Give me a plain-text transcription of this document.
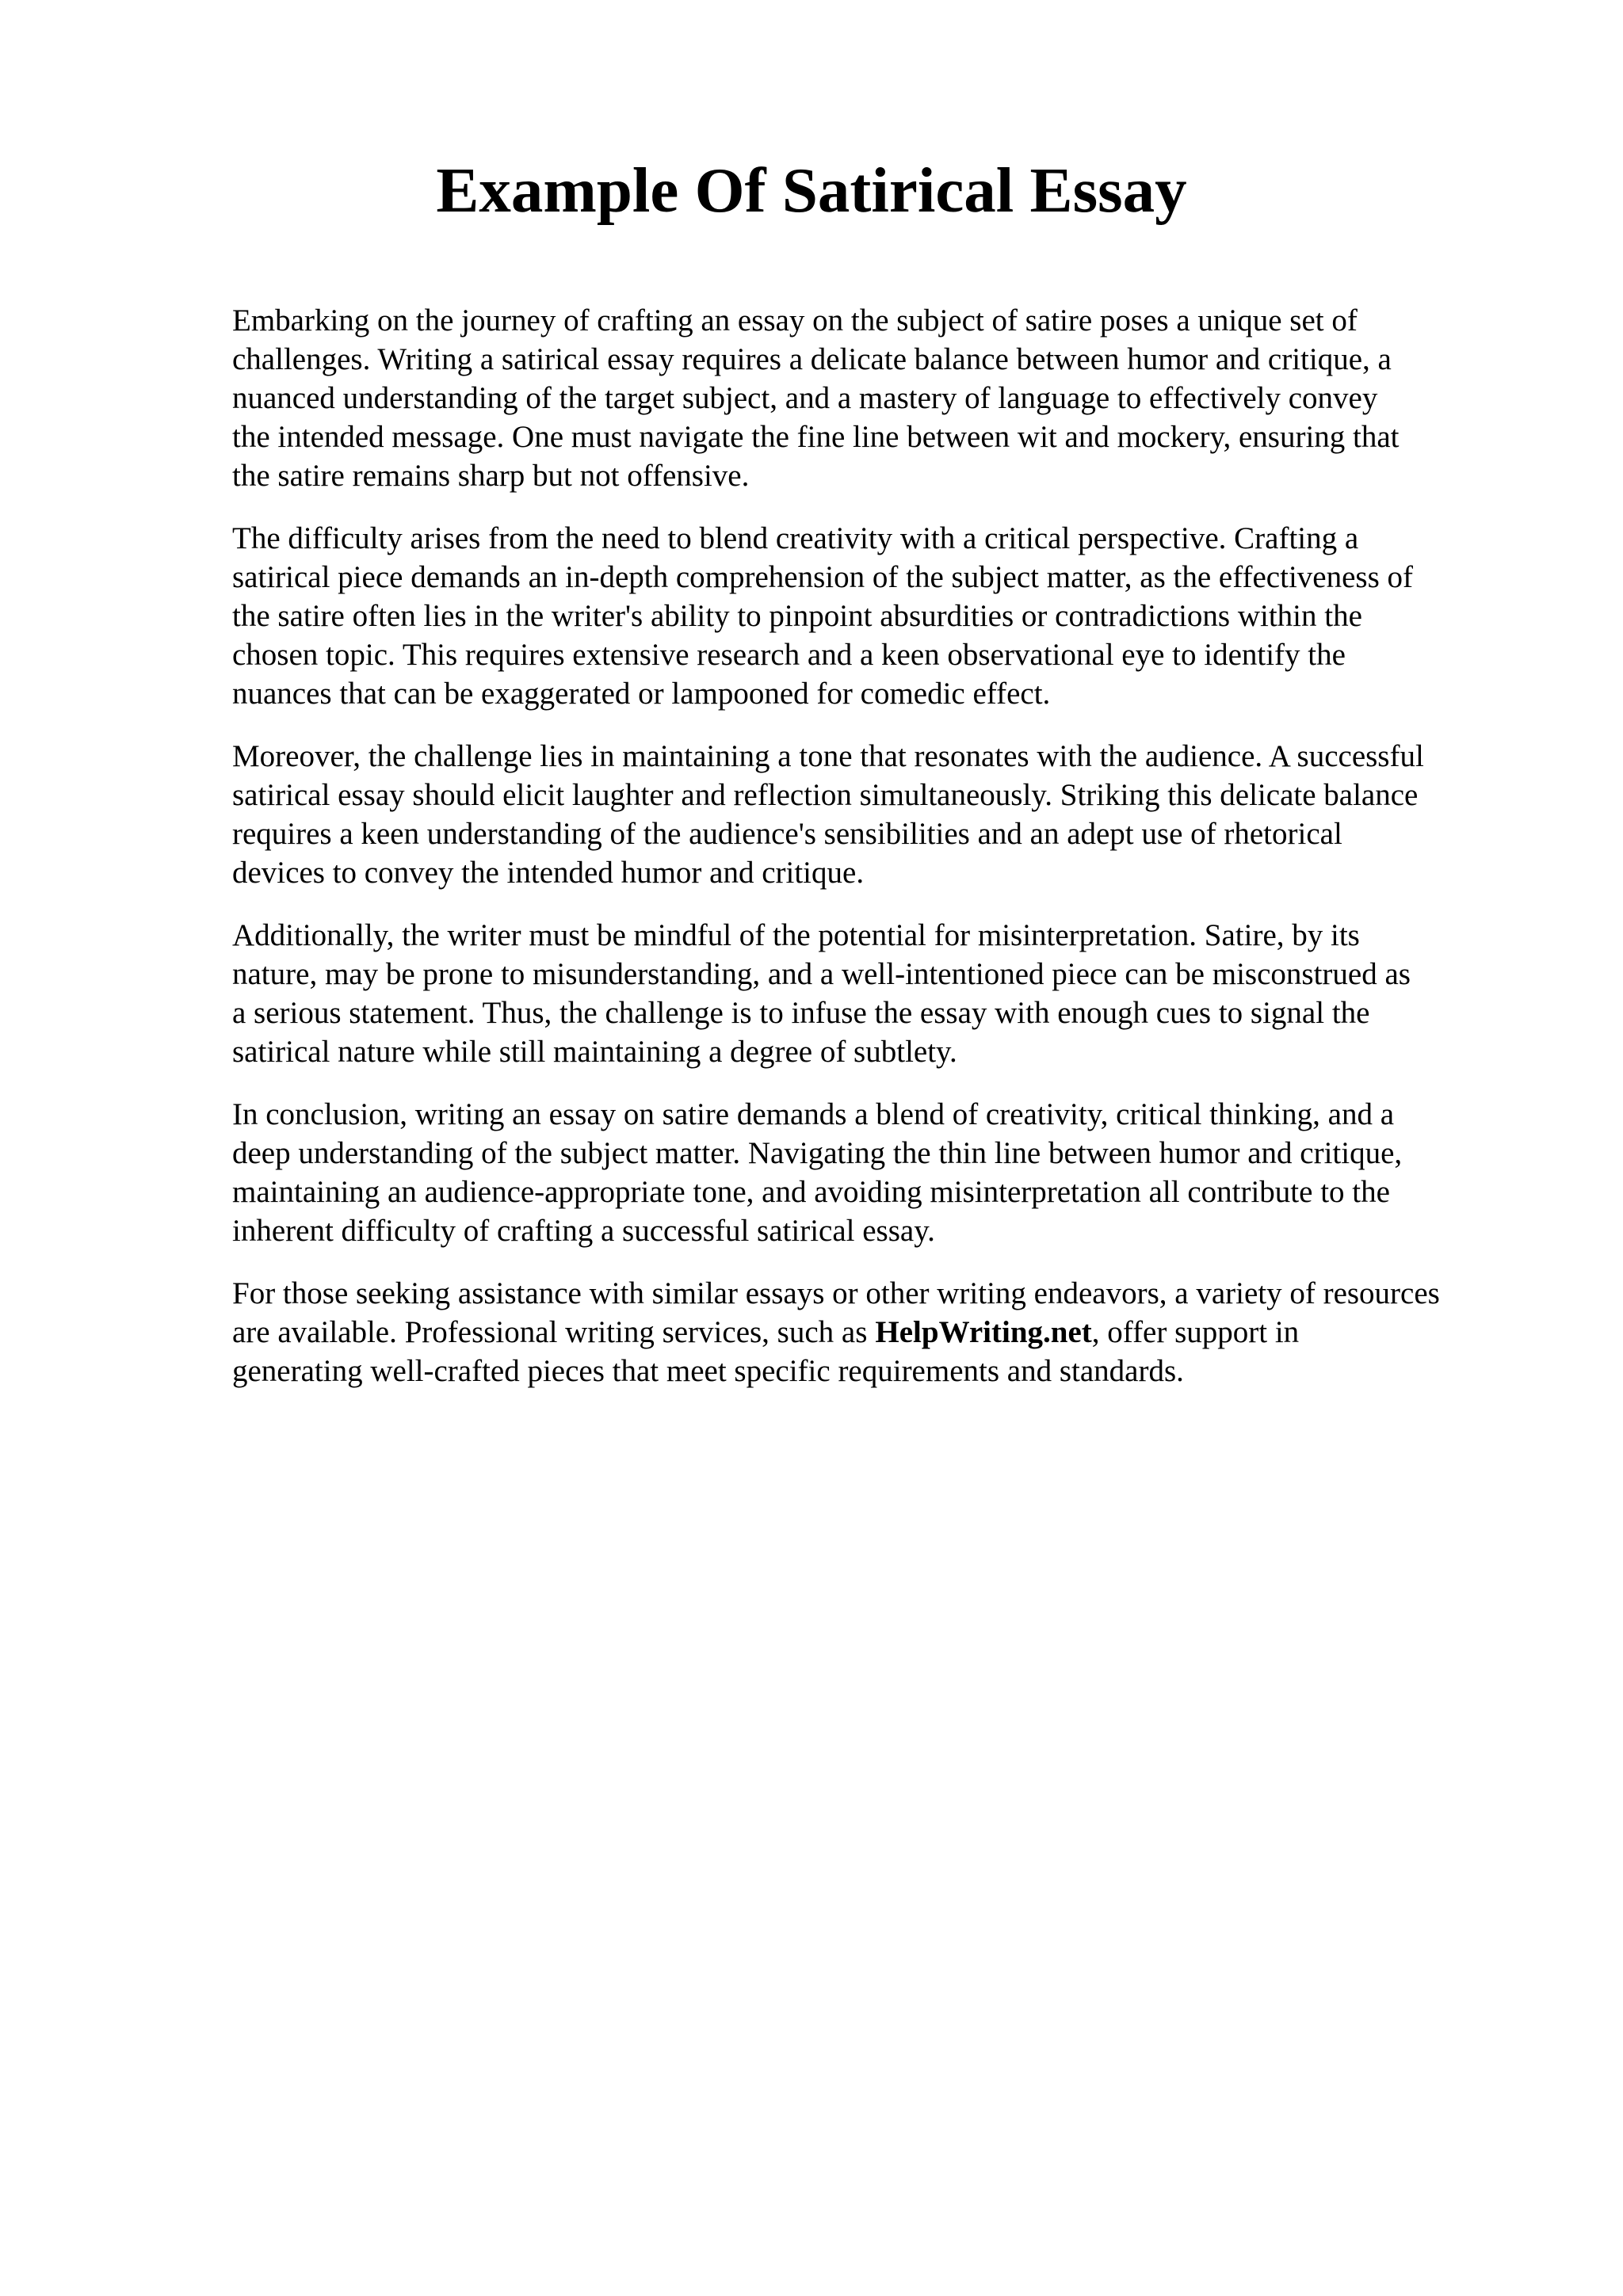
Example Of Satirical Essay

Embarking on the journey of crafting an essay on the subject of satire poses a unique set of
challenges. Writing a satirical essay requires a delicate balance between humor and critique, a
nuanced understanding of the target subject, and a mastery of language to effectively convey
the intended message. One must navigate the fine line between wit and mockery, ensuring that
the satire remains sharp but not offensive.

The difficulty arises from the need to blend creativity with a critical perspective. Crafting a
satirical piece demands an in-depth comprehension of the subject matter, as the effectiveness of
the satire often lies in the writer's ability to pinpoint absurdities or contradictions within the
chosen topic. This requires extensive research and a keen observational eye to identify the
nuances that can be exaggerated or lampooned for comedic effect.

Moreover, the challenge lies in maintaining a tone that resonates with the audience. A successful
satirical essay should elicit laughter and reflection simultaneously. Striking this delicate balance
requires a keen understanding of the audience's sensibilities and an adept use of rhetorical
devices to convey the intended humor and critique.

Additionally, the writer must be mindful of the potential for misinterpretation. Satire, by its
nature, may be prone to misunderstanding, and a well-intentioned piece can be misconstrued as
a serious statement. Thus, the challenge is to infuse the essay with enough cues to signal the
satirical nature while still maintaining a degree of subtlety.

In conclusion, writing an essay on satire demands a blend of creativity, critical thinking, and a
deep understanding of the subject matter. Navigating the thin line between humor and critique,
maintaining an audience-appropriate tone, and avoiding misinterpretation all contribute to the
inherent difficulty of crafting a successful satirical essay.

For those seeking assistance with similar essays or other writing endeavors, a variety of resources
are available. Professional writing services, such as HelpWriting.net, offer support in
generating well-crafted pieces that meet specific requirements and standards.
